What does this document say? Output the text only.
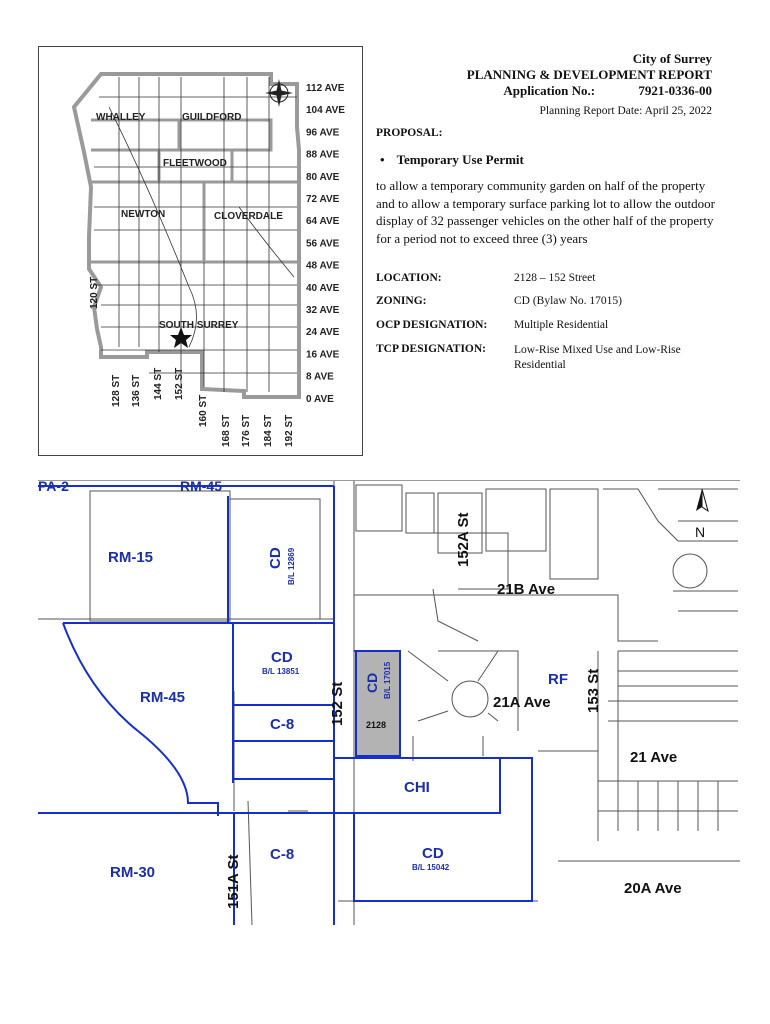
112 AVE
104 AVE
96 AVE
88 AVE
80 AVE
72 AVE
64 AVE
56 AVE
48 AVE
40 AVE
32 AVE
24 AVE
16 AVE
8 AVE
0 AVE
120 ST
128 ST 136 ST 144 ST 152 ST
160 ST
168 ST 176 ST 184 ST 192 ST
WHALLEY	GUILDFORD
FLEETWOOD
NEWTON	CLOVERDALE
SOUTH SURREY
City of Surrey
PLANNING & DEVELOPMENT REPORT
Application No.:	7921-0336-00
Planning Report Date: April 25, 2022
PROPOSAL:
• Temporary Use Permit
to allow a temporary community garden on half of the property and to allow a temporary surface parking lot to allow the outdoor display of 32 passenger vehicles on the other half of the property for a period not to exceed three (3) years
LOCATION:	2128 – 152 Street
ZONING:	CD (Bylaw No. 17015)
OCP DESIGNATION: Multiple Residential
TCP DESIGNATION: Low-Rise Mixed Use and Low-Rise Residential
N
PA-2	RM-45
RM-15	CD B/L 12869
CD
B/L 13851
RM-45
C-8
CD B/L 17015
2128
RF
CHI
CD
B/L 15042
RM-30
C-8
152A St
21B Ave
152 St	21A Ave 153 St
21 Ave
151A St	20A Ave
